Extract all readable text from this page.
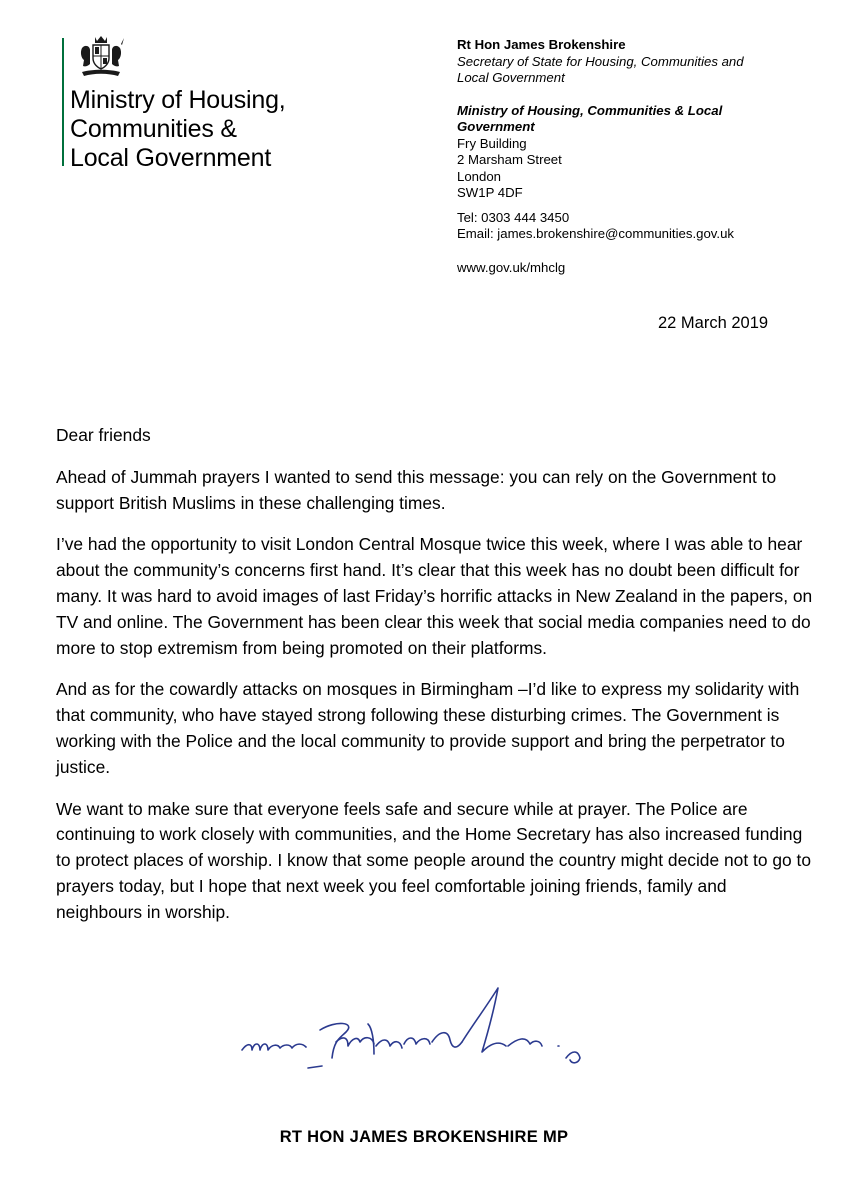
Ministry of Housing,
Communities &
Local Government
Rt Hon James Brokenshire
Secretary of State for Housing, Communities and
Local Government
Ministry of Housing, Communities & Local
Government
Fry Building
2 Marsham Street
London
SW1P 4DF
Tel: 0303 444 3450
Email: james.brokenshire@communities.gov.uk
www.gov.uk/mhclg
22 March 2019

Dear friends

Ahead of Jummah prayers I wanted to send this message: you can rely on the Government to support British Muslims in these challenging times.

I’ve had the opportunity to visit London Central Mosque twice this week, where I was able to hear about the community’s concerns first hand. It’s clear that this week has no doubt been difficult for many. It was hard to avoid images of last Friday’s horrific attacks in New Zealand in the papers, on TV and online. The Government has been clear this week that social media companies need to do more to stop extremism from being promoted on their platforms.

And as for the cowardly attacks on mosques in Birmingham –I’d like to express my solidarity with that community, who have stayed strong following these disturbing crimes. The Government is working with the Police and the local community to provide support and bring the perpetrator to justice.

We want to make sure that everyone feels safe and secure while at prayer. The Police are continuing to work closely with communities, and the Home Secretary has also increased funding to protect places of worship. I know that some people around the country might decide not to go to prayers today, but I hope that next week you feel comfortable joining friends, family and neighbours in worship.

RT HON JAMES BROKENSHIRE MP
